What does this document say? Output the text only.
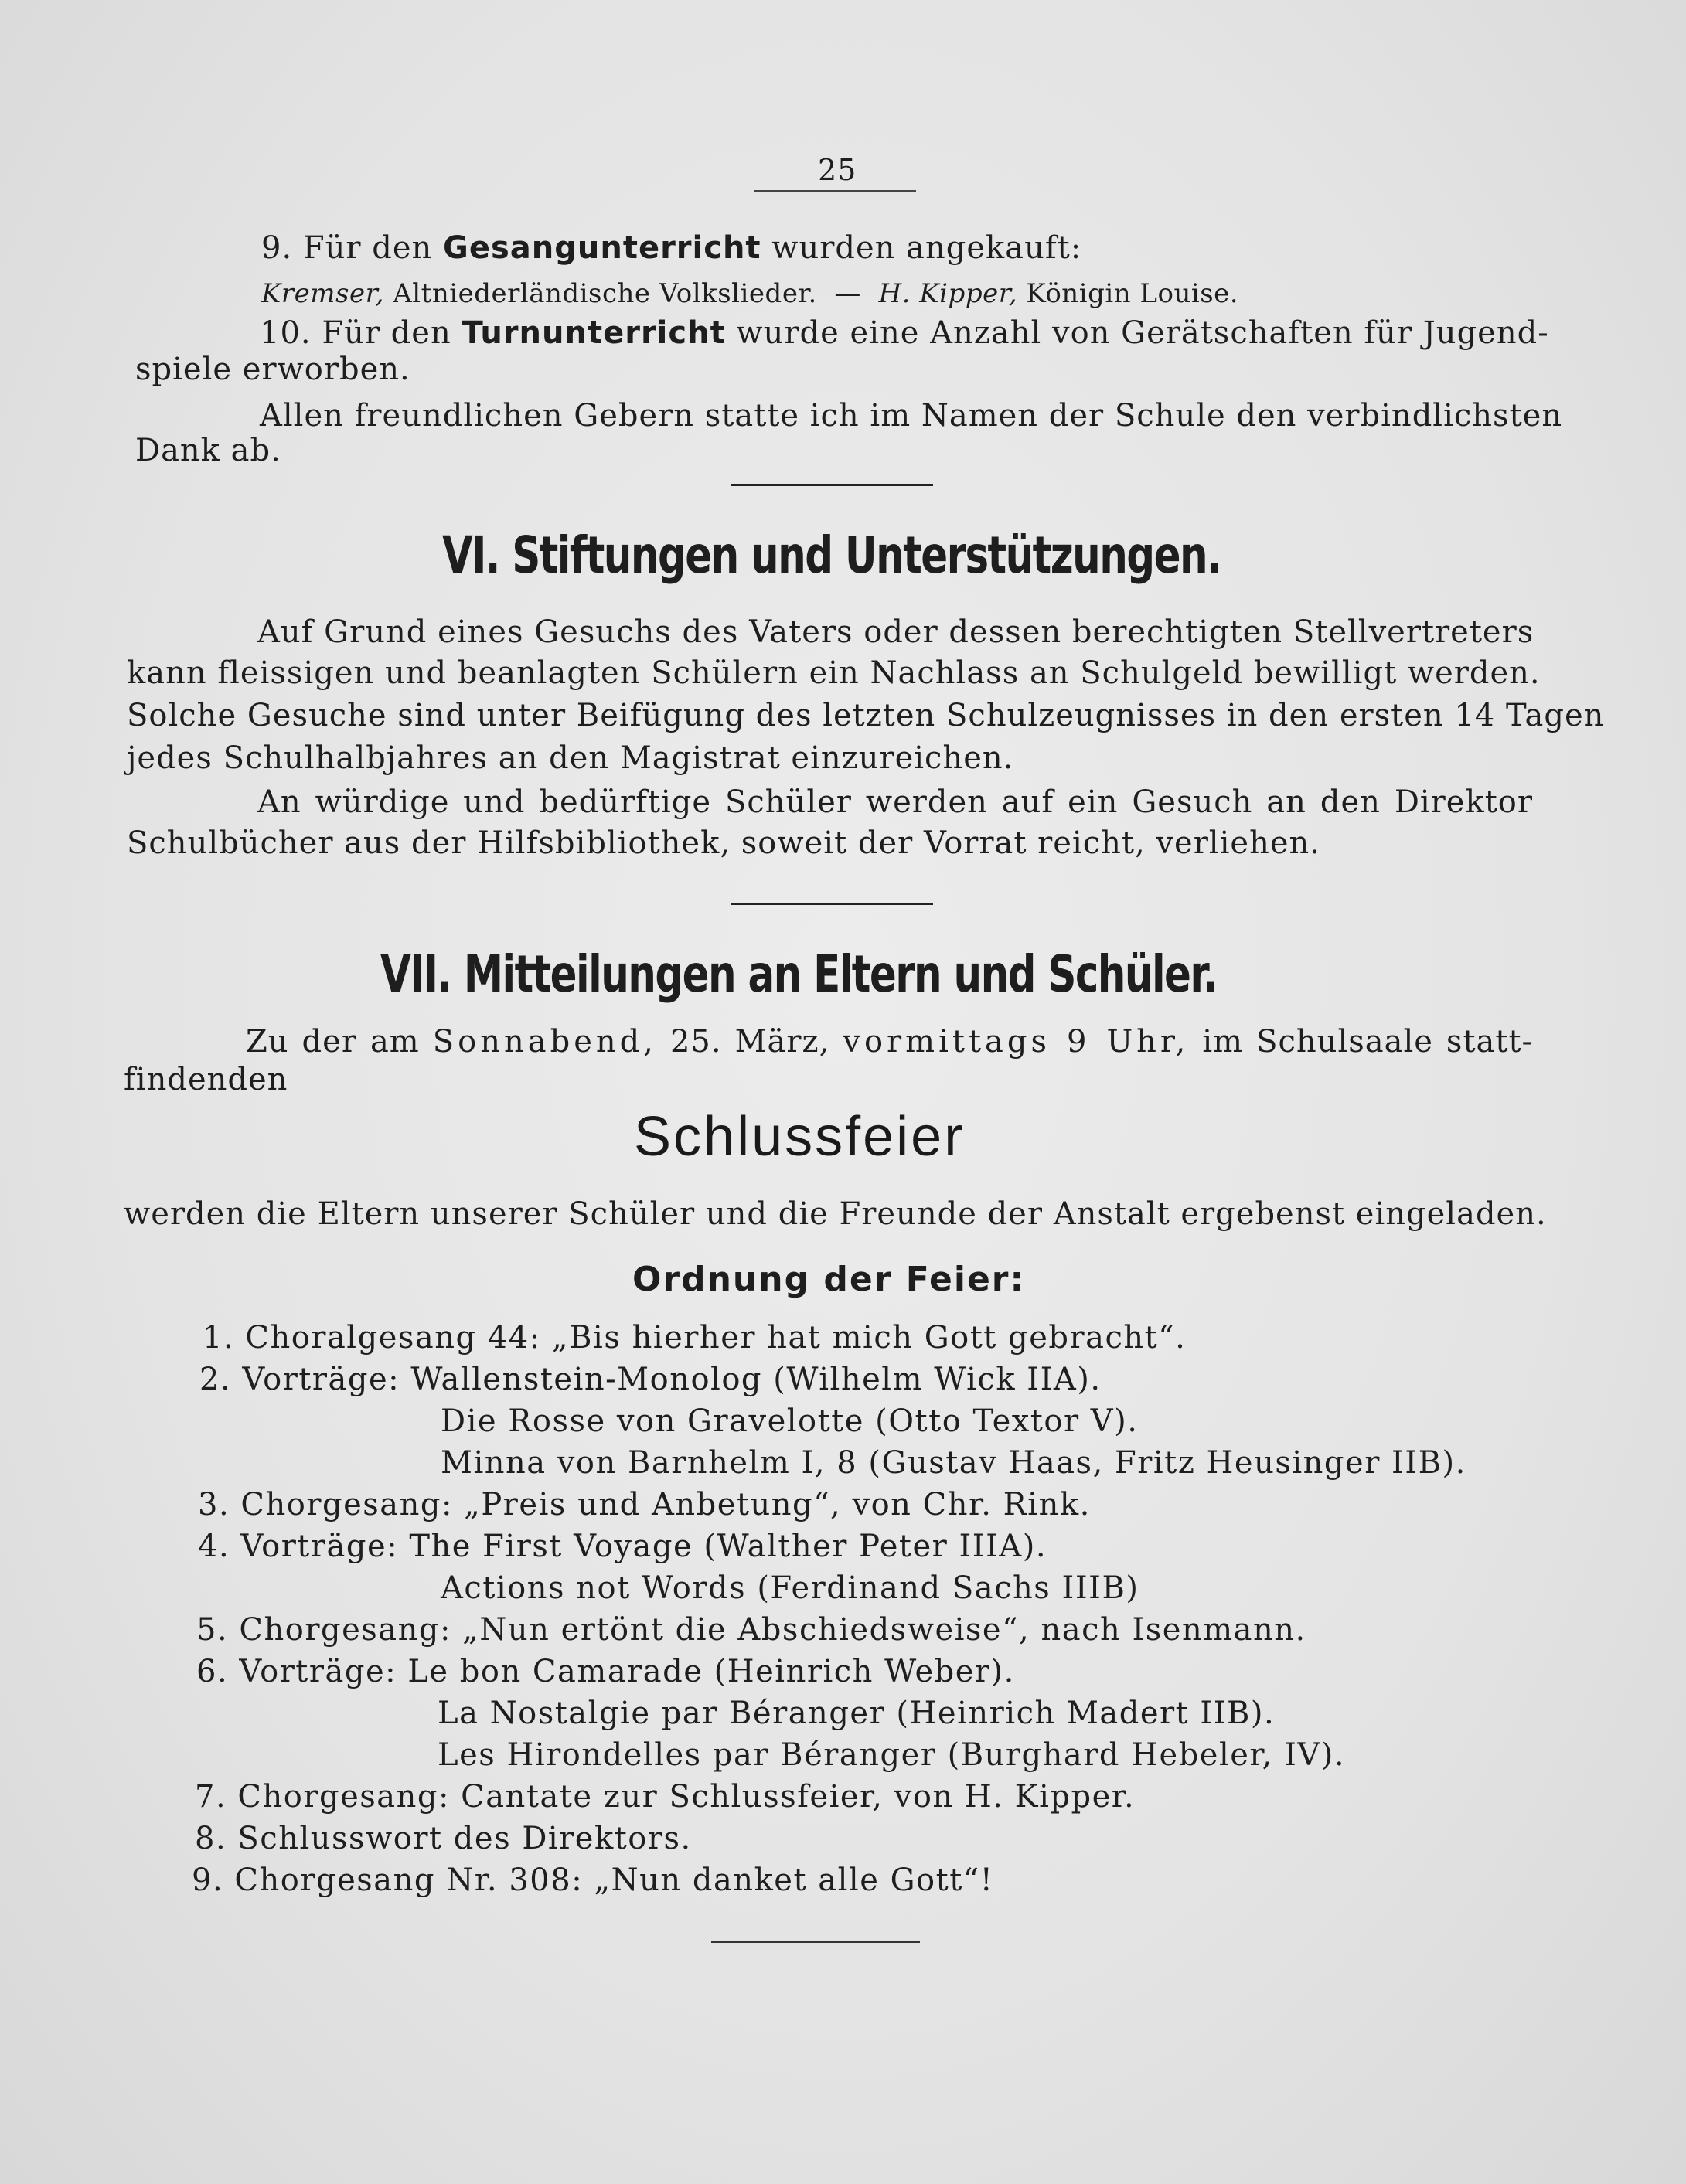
25
9. Für den Gesangunterricht wurden angekauft:
Kremser, Altniederländische Volkslieder. — H. Kipper, Königin Louise.
10. Für den Turnunterricht wurde eine Anzahl von Gerätschaften für Jugend-
spiele erworben.
Allen freundlichen Gebern statte ich im Namen der Schule den verbindlichsten
Dank ab.
VI. Stiftungen und Unterstützungen.
Auf Grund eines Gesuchs des Vaters oder dessen berechtigten Stellvertreters
kann fleissigen und beanlagten Schülern ein Nachlass an Schulgeld bewilligt werden.
Solche Gesuche sind unter Beifügung des letzten Schulzeugnisses in den ersten 14 Tagen
jedes Schulhalbjahres an den Magistrat einzureichen.
An würdige und bedürftige Schüler werden auf ein Gesuch an den Direktor
Schulbücher aus der Hilfsbibliothek, soweit der Vorrat reicht, verliehen.
VII. Mitteilungen an Eltern und Schüler.
Zu der am Sonnabend, 25. März, vormittags 9 Uhr, im Schulsaale statt-
findenden
Schlussfeier
werden die Eltern unserer Schüler und die Freunde der Anstalt ergebenst eingeladen.
Ordnung der Feier:
1. Choralgesang 44: „Bis hierher hat mich Gott gebracht“.
2. Vorträge: Wallenstein-Monolog (Wilhelm Wick IIA).
Die Rosse von Gravelotte (Otto Textor V).
Minna von Barnhelm I, 8 (Gustav Haas, Fritz Heusinger IIB).
3. Chorgesang: „Preis und Anbetung“, von Chr. Rink.
4. Vorträge: The First Voyage (Walther Peter IIIA).
Actions not Words (Ferdinand Sachs IIIB)
5. Chorgesang: „Nun ertönt die Abschiedsweise“, nach Isenmann.
6. Vorträge: Le bon Camarade (Heinrich Weber).
La Nostalgie par Béranger (Heinrich Madert IIB).
Les Hirondelles par Béranger (Burghard Hebeler, IV).
7. Chorgesang: Cantate zur Schlussfeier, von H. Kipper.
8. Schlusswort des Direktors.
9. Chorgesang Nr. 308: „Nun danket alle Gott“!
